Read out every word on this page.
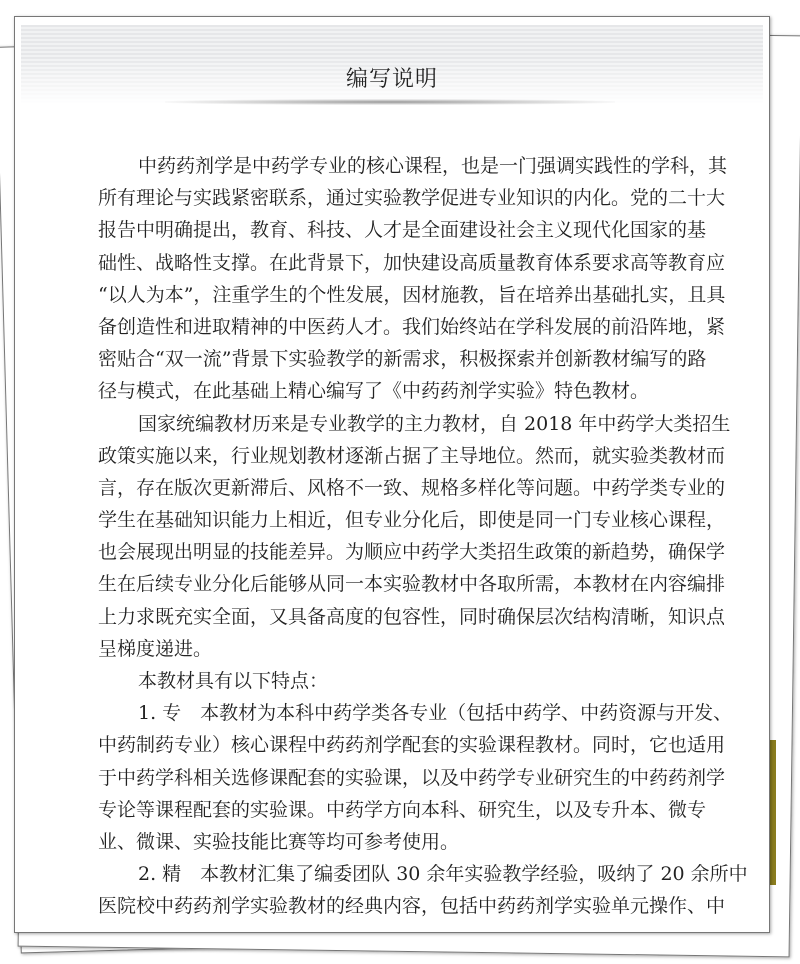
编写说明
中药药剂学是中药学专业的核心课程，也是一门强调实践性的学科，其
所有理论与实践紧密联系，通过实验教学促进专业知识的内化。党的二十大
报告中明确提出，教育、科技、人才是全面建设社会主义现代化国家的基
础性、战略性支撑。在此背景下，加快建设高质量教育体系要求高等教育应
“以人为本”，注重学生的个性发展，因材施教，旨在培养出基础扎实，且具
备创造性和进取精神的中医药人才。我们始终站在学科发展的前沿阵地，紧
密贴合“双一流”背景下实验教学的新需求，积极探索并创新教材编写的路
径与模式，在此基础上精心编写了《中药药剂学实验》特色教材。
国家统编教材历来是专业教学的主力教材，自 2018 年中药学大类招生
政策实施以来，行业规划教材逐渐占据了主导地位。然而，就实验类教材而
言，存在版次更新滞后、风格不一致、规格多样化等问题。中药学类专业的
学生在基础知识能力上相近，但专业分化后，即使是同一门专业核心课程，
也会展现出明显的技能差异。为顺应中药学大类招生政策的新趋势，确保学
生在后续专业分化后能够从同一本实验教材中各取所需，本教材在内容编排
上力求既充实全面，又具备高度的包容性，同时确保层次结构清晰，知识点
呈梯度递进。
本教材具有以下特点：
1. 专　本教材为本科中药学类各专业（包括中药学、中药资源与开发、
中药制药专业）核心课程中药药剂学配套的实验课程教材。同时，它也适用
于中药学科相关选修课配套的实验课，以及中药学专业研究生的中药药剂学
专论等课程配套的实验课。中药学方向本科、研究生，以及专升本、微专
业、微课、实验技能比赛等均可参考使用。
2. 精　本教材汇集了编委团队 30 余年实验教学经验，吸纳了 20 余所中
医院校中药药剂学实验教材的经典内容，包括中药药剂学实验单元操作、中
